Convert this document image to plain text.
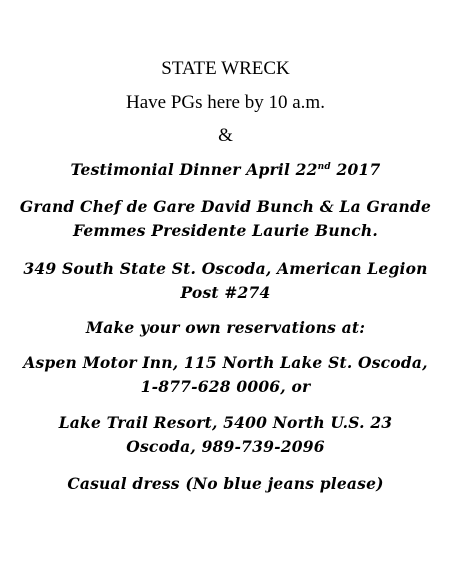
STATE WRECK
Have PGs here by 10 a.m.
&
Testimonial Dinner April 22nd 2017
Grand Chef de Gare David Bunch & La Grande
Femmes Presidente Laurie Bunch.
349 South State St. Oscoda, American Legion
Post #274
Make your own reservations at:
Aspen Motor Inn, 115 North Lake St. Oscoda,
1-877-628 0006, or
Lake Trail Resort, 5400 North U.S. 23
Oscoda, 989-739-2096
Casual dress (No blue jeans please)
